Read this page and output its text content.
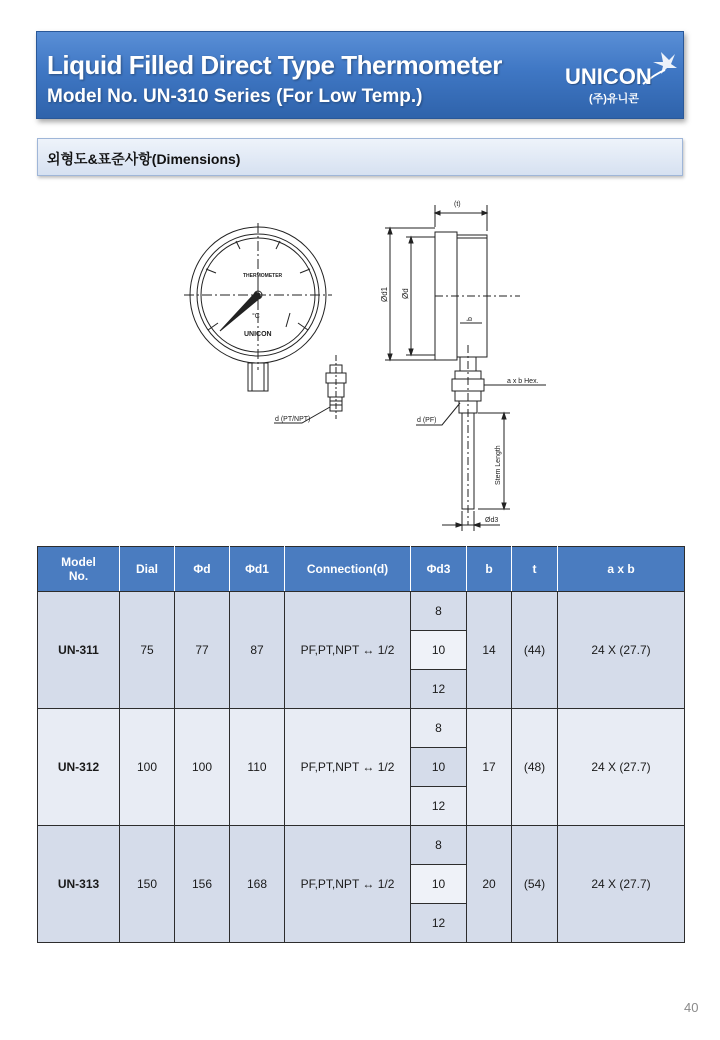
Liquid Filled Direct Type Thermometer
Model No. UN-310 Series (For Low Temp.)
UNICON
(주)유니콘
외형도&표준사항(Dimensions)
THERMOMETER
°C
UNICON
d (PT/NPT)
(t)
Ød1 Ød
b
a x b Hex.
d (PF)
Stem Length
Ød3
Model No.	Dial	Φd	Φd1	Connection(d)	Φd3	b	t	a x b
UN-311	75	77	87	PF,PT,NPT ↔ 1/2	8	14	(44)	24 X (27.7)
					10			
					12			
UN-312	100	100	110	PF,PT,NPT ↔ 1/2	8	17	(48)	24 X (27.7)
					10			
					12			
UN-313	150	156	168	PF,PT,NPT ↔ 1/2	8	20	(54)	24 X (27.7)
					10			
					12			
40
